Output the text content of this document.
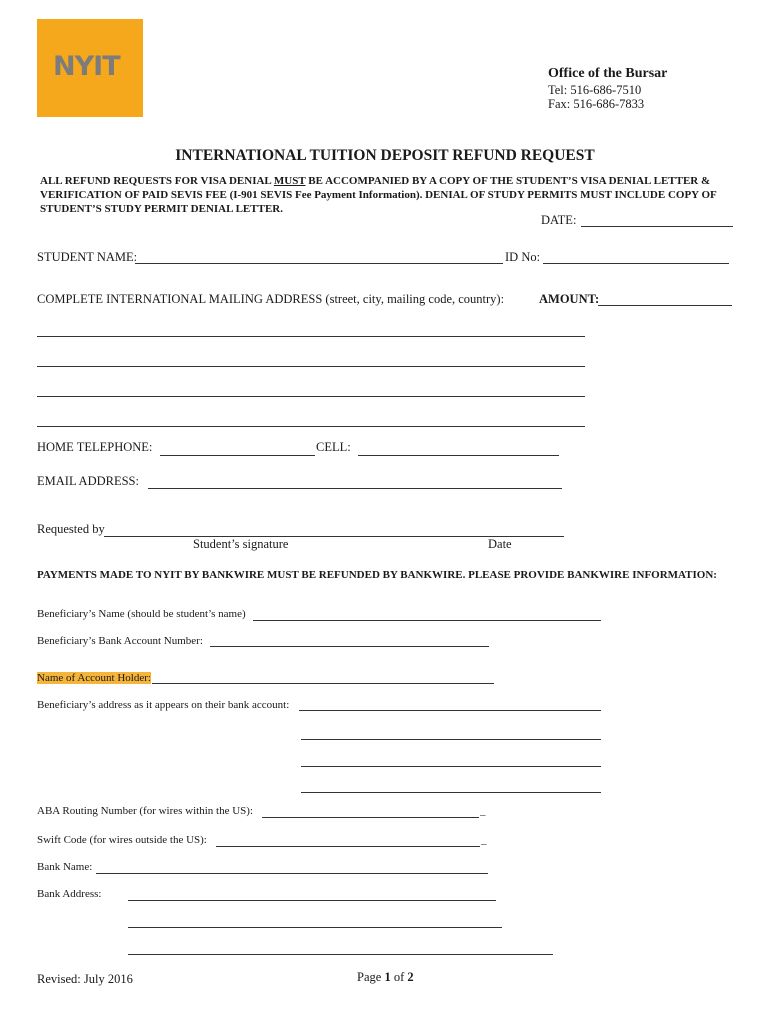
NYIT	Office of the Bursar
Tel: 516-686-7510
Fax: 516-686-7833
INTERNATIONAL TUITION DEPOSIT REFUND REQUEST
ALL REFUND REQUESTS FOR VISA DENIAL MUST BE ACCOMPANIED BY A COPY OF THE STUDENT’S VISA DENIAL LETTER & VERIFICATION OF PAID SEVIS FEE (I-901 SEVIS Fee Payment Information). DENIAL OF STUDY PERMITS MUST INCLUDE COPY OF STUDENT’S STUDY PERMIT DENIAL LETTER.
DATE:
STUDENT NAME:	ID No:
COMPLETE INTERNATIONAL MAILING ADDRESS (street, city, mailing code, country):	AMOUNT:
HOME TELEPHONE:	CELL:
EMAIL ADDRESS:
Requested by
Student’s signature	Date
PAYMENTS MADE TO NYIT BY BANKWIRE MUST BE REFUNDED BY BANKWIRE. PLEASE PROVIDE BANKWIRE INFORMATION:
Beneficiary’s Name (should be student’s name)
Beneficiary’s Bank Account Number:
Name of Account Holder:
Beneficiary’s address as it appears on their bank account:
ABA Routing Number (for wires within the US):	_
Swift Code (for wires outside the US):	_
Bank Name:
Bank Address:
Revised: July 2016	Page 1 of 2
